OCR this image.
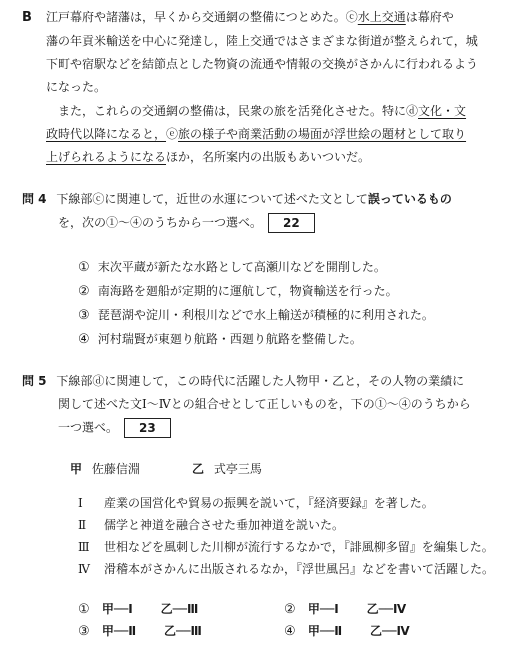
B 江戸幕府や諸藩は，早くから交通網の整備につとめた。ⓒ水上交通は幕府や
藩の年貢米輸送を中心に発達し，陸上交通ではさまざまな街道が整えられて，城
下町や宿駅などを結節点とした物資の流通や情報の交換がさかんに行われるよう
になった。
また，これらの交通網の整備は，民衆の旅を活発化させた。特にⓓ文化・文
政時代以降になると，ⓔ旅の様子や商業活動の場面が浮世絵の題材として取り
上げられるようになるほか，名所案内の出版もあいついだ。
問 4 下線部ⓒに関連して，近世の水運について述べた文として誤っているもの
を，次の①～④のうちから一つ選べ。 22
① 末次平蔵が新たな水路として高瀬川などを開削した。
② 南海路を廻船が定期的に運航して，物資輸送を行った。
③ 琵琶湖や淀川・利根川などで水上輸送が積極的に利用された。
④ 河村瑞賢が東廻り航路・西廻り航路を整備した。
問 5 下線部ⓓに関連して，この時代に活躍した人物甲・乙と，その人物の業績に
関して述べた文Ⅰ～Ⅳとの組合せとして正しいものを，下の①～④のうちから
一つ選べ。 23
甲 佐藤信淵	乙 式亭三馬
Ⅰ 産業の国営化や貿易の振興を説いて，『経済要録』を著した。
Ⅱ 儒学と神道を融合させた垂加神道を説いた。
Ⅲ 世相などを風刺した川柳が流行するなかで，『誹風柳多留』を編集した。
Ⅳ 滑稽本がさかんに出版されるなか，『浮世風呂』などを書いて活躍した。
① 甲──Ⅰ 乙──Ⅲ	② 甲──Ⅰ 乙──Ⅳ
③ 甲──Ⅱ 乙──Ⅲ	④ 甲──Ⅱ 乙──Ⅳ
